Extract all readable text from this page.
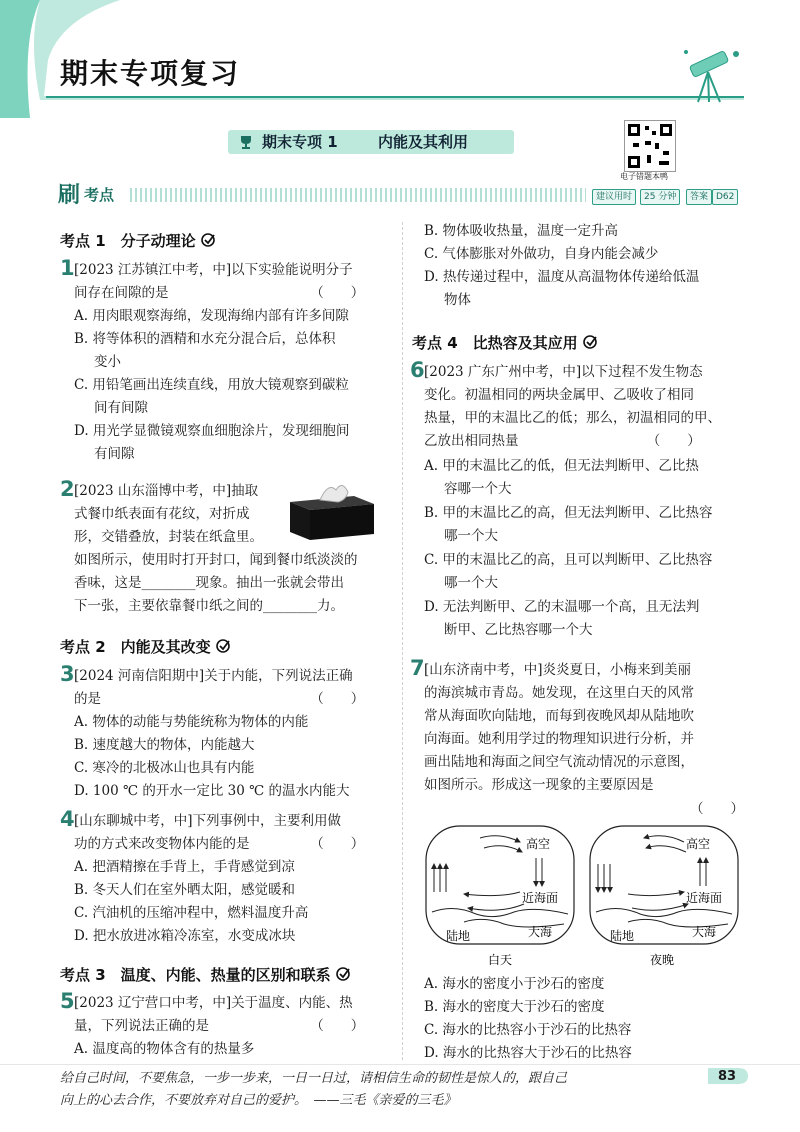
期末专项复习
期末专项 1	内能及其利用
电子错题本鸭
刷 考点	建议用时	25 分钟	答案 D62
考点 1　分子动理论
1 [2023 江苏镇江中考，中]以下实验能说明分子
间存在间隙的是　　　　　　　　　　　（　　）
A. 用肉眼观察海绵，发现海绵内部有许多间隙
B. 将等体积的酒精和水充分混合后，总体积
变小
C. 用铅笔画出连续直线，用放大镜观察到碳粒
间有间隙
D. 用光学显微镜观察血细胞涂片，发现细胞间
有间隙
2 [2023 山东淄博中考，中]抽取
式餐巾纸表面有花纹，对折成
形，交错叠放，封装在纸盒里。
如图所示，使用时打开封口，闻到餐巾纸淡淡的
香味，这是________现象。抽出一张就会带出
下一张，主要依靠餐巾纸之间的________力。
考点 2　内能及其改变
3 [2024 河南信阳期中]关于内能，下列说法正确
的是　　　　　　　　　　　　　　　　（　　）
A. 物体的动能与势能统称为物体的内能
B. 速度越大的物体，内能越大
C. 寒冷的北极冰山也具有内能
D. 100 ℃ 的开水一定比 30 ℃ 的温水内能大
4 [山东聊城中考，中]下列事例中，主要利用做
功的方式来改变物体内能的是　　　　　（　　）
A. 把酒精擦在手背上，手背感觉到凉
B. 冬天人们在室外晒太阳，感觉暖和
C. 汽油机的压缩冲程中，燃料温度升高
D. 把水放进冰箱冷冻室，水变成冰块
考点 3　温度、内能、热量的区别和联系
5 [2023 辽宁营口中考，中]关于温度、内能、热
量，下列说法正确的是　　　　　　　　（　　）
A. 温度高的物体含有的热量多
B. 物体吸收热量，温度一定升高
C. 气体膨胀对外做功，自身内能会减少
D. 热传递过程中，温度从高温物体传递给低温
物体
考点 4　比热容及其应用
6 [2023 广东广州中考，中]以下过程不发生物态
变化。初温相同的两块金属甲、乙吸收了相同
热量，甲的末温比乙的低；那么，初温相同的甲、
乙放出相同热量　　　　　　　　　　（　　）
A. 甲的末温比乙的低，但无法判断甲、乙比热
容哪一个大
B. 甲的末温比乙的高，但无法判断甲、乙比热容
哪一个大
C. 甲的末温比乙的高，且可以判断甲、乙比热容
哪一个大
D. 无法判断甲、乙的末温哪一个高，且无法判
断甲、乙比热容哪一个大
7 [山东济南中考，中]炎炎夏日，小梅来到美丽
的海滨城市青岛。她发现，在这里白天的风常
常从海面吹向陆地，而每到夜晚风却从陆地吹
向海面。她利用学过的物理知识进行分析，并
画出陆地和海面之间空气流动情况的示意图，
如图所示。形成这一现象的主要原因是
（　　）
高空
近海面
陆地	大海
白天
高空
近海面
陆地	大海
夜晚
A. 海水的密度小于沙石的密度
B. 海水的密度大于沙石的密度
C. 海水的比热容小于沙石的比热容
D. 海水的比热容大于沙石的比热容
给自己时间，不要焦急，一步一步来，一日一日过，请相信生命的韧性是惊人的，跟自己
向上的心去合作，不要放弃对自己的爱护。　——三毛《亲爱的三毛》
83
